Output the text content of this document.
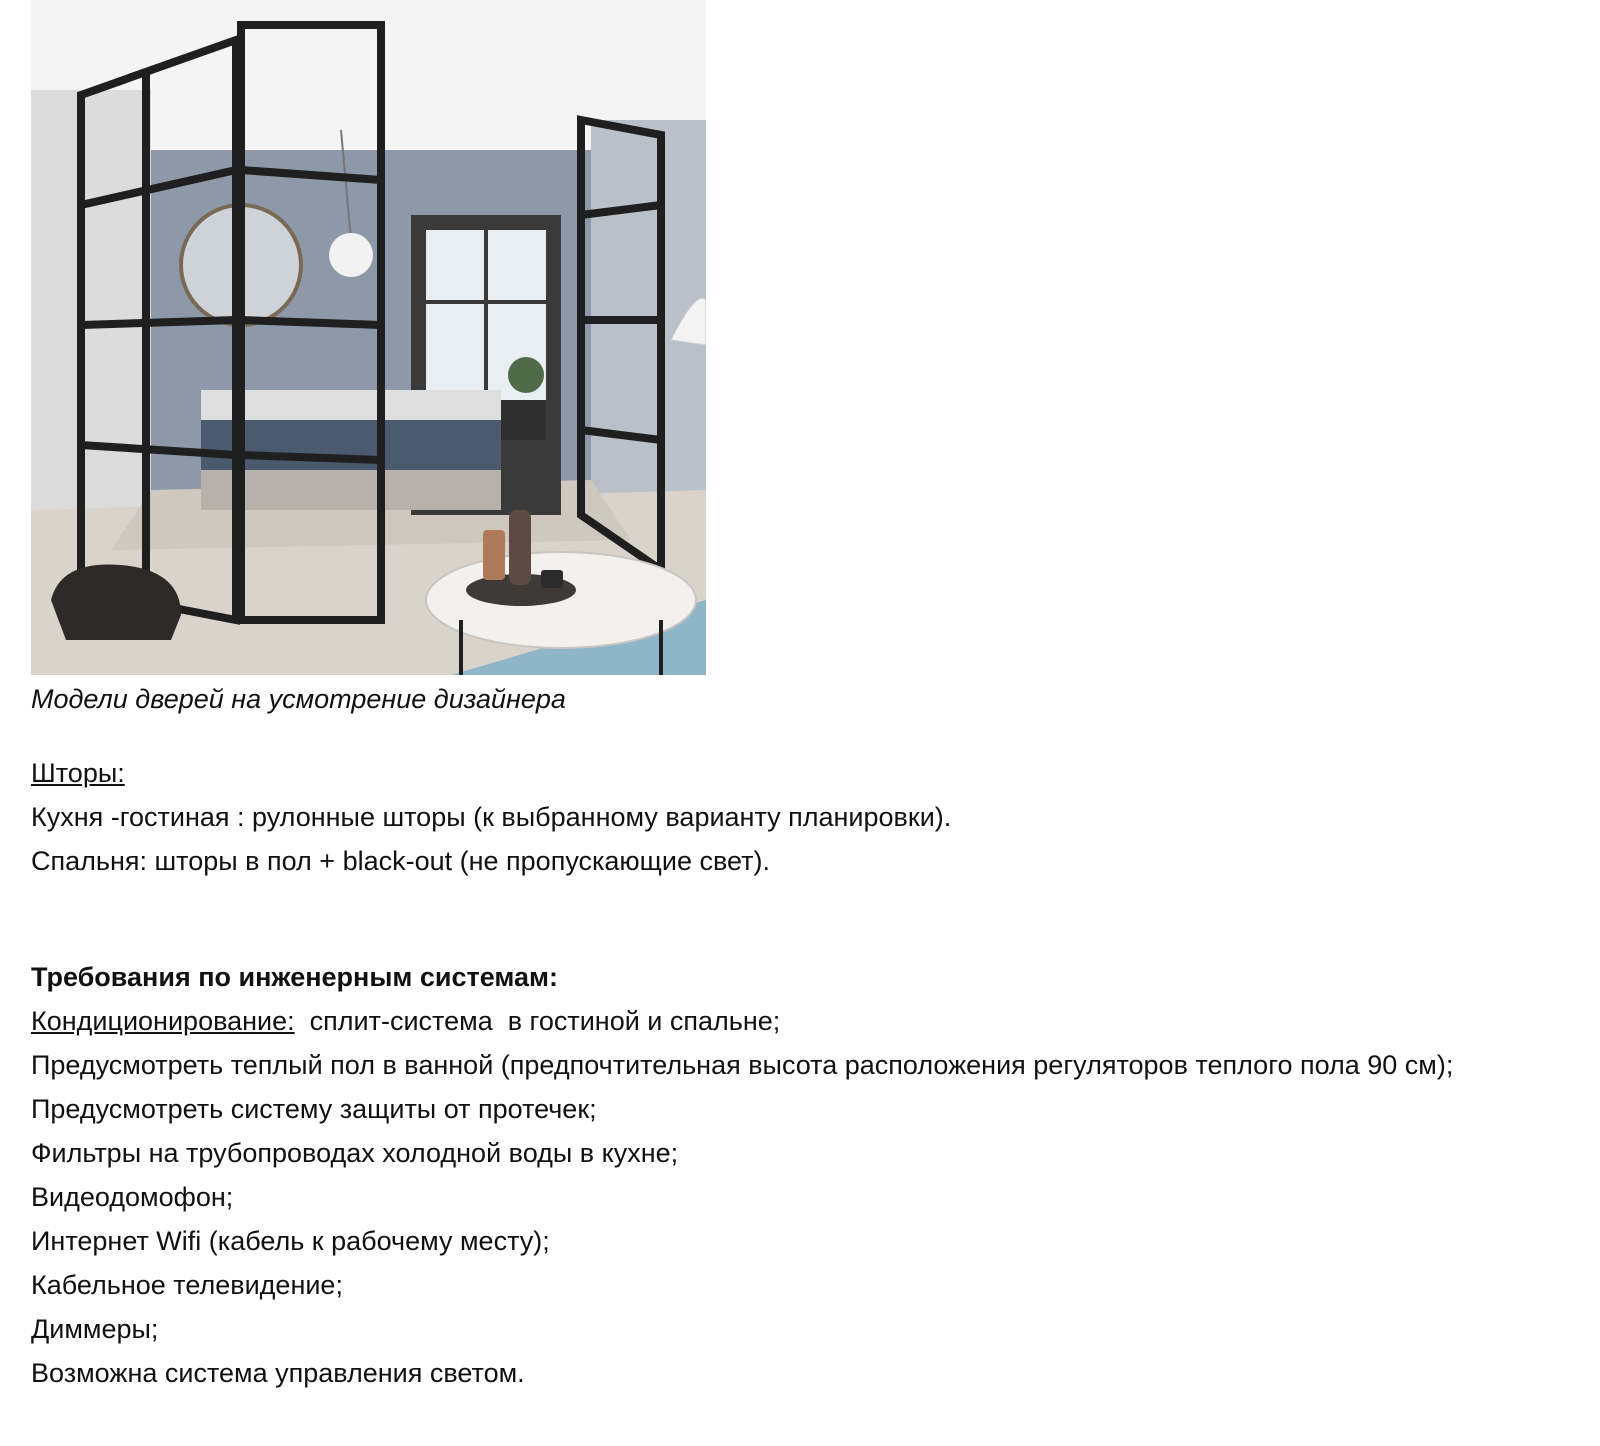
Модели дверей на усмотрение дизайнера
Шторы:
Кухня -гостиная : рулонные шторы (к выбранному варианту планировки).
Спальня: шторы в пол + black-out (не пропускающие свет).
Требования по инженерным системам:
Кондиционирование:  сплит-система  в гостиной и спальне;
Предусмотреть теплый пол в ванной (предпочтительная высота расположения регуляторов теплого пола 90 см);
Предусмотреть систему защиты от протечек;
Фильтры на трубопроводах холодной воды в кухне;
Видеодомофон;
Интернет Wifi (кабель к рабочему месту);
Кабельное телевидение;
Диммеры;
Возможна система управления светом.
